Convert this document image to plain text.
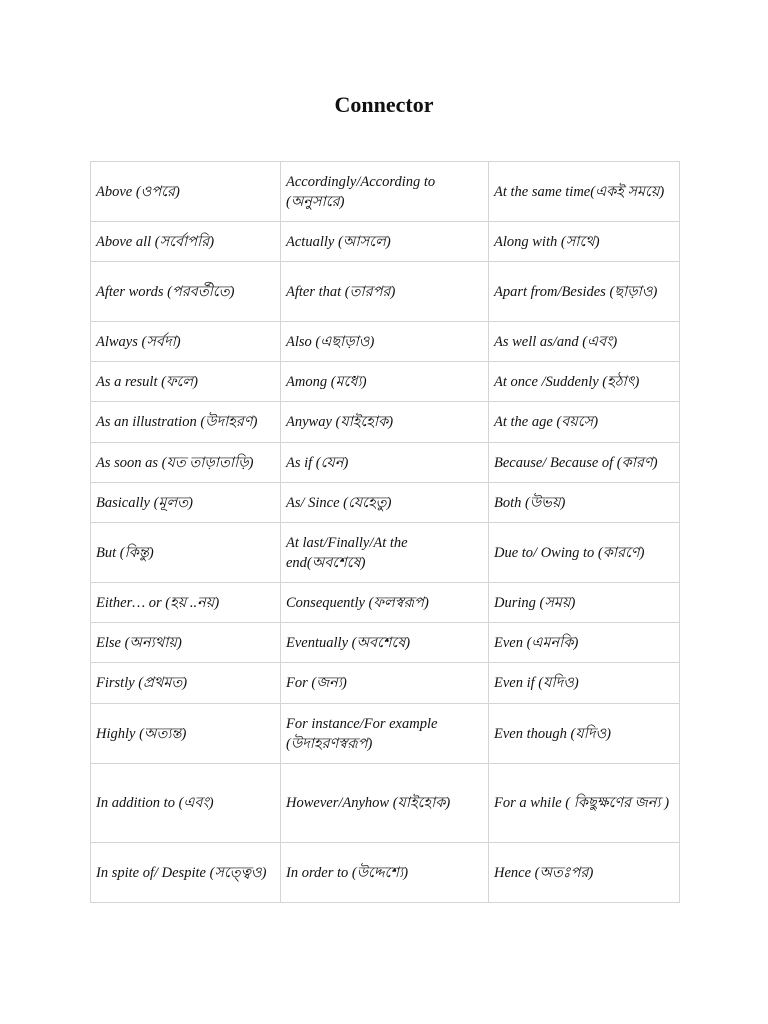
Connector
Above (ওপরে)	Accordingly/According to (অনুসারে)	At the same time(একই সময়ে)
Above all (সর্বোপরি)	Actually (আসলে)	Along with (সাথে)
After words (পরবর্তীতে)	After that (তারপর)	Apart from/Besides (ছাড়াও)
Always (সর্বদা)	Also (এছাড়াও)	As well as/and (এবং)
As a result (ফলে)	Among (মধ্যে)	At once /Suddenly (হঠাৎ)
As an illustration (উদাহরণ)	Anyway (যাইহোক)	At the age (বয়সে)
As soon as (যত তাড়াতাড়ি)	As if (যেন)	Because/ Because of (কারণ)
Basically (মূলত)	As/ Since (যেহেতু)	Both (উভয়)
But (কিন্তু)	At last/Finally/At the end(অবশেষে)	Due to/ Owing to (কারণে)
Either… or (হয় ..নয়)	Consequently (ফলস্বরূপ)	During (সময়)
Else (অন্যথায়)	Eventually (অবশেষে)	Even (এমনকি)
Firstly (প্রথমত)	For (জন্য)	Even if (যদিও)
Highly (অত্যন্ত)	For instance/For example (উদাহরণস্বরূপ)	Even though (যদিও)
In addition to (এবং)	However/Anyhow (যাইহোক)	For a while ( কিছুক্ষণের জন্য )
In spite of/ Despite (সত্ত্বেও)	In order to (উদ্দেশ্যে)	Hence (অতঃপর)
